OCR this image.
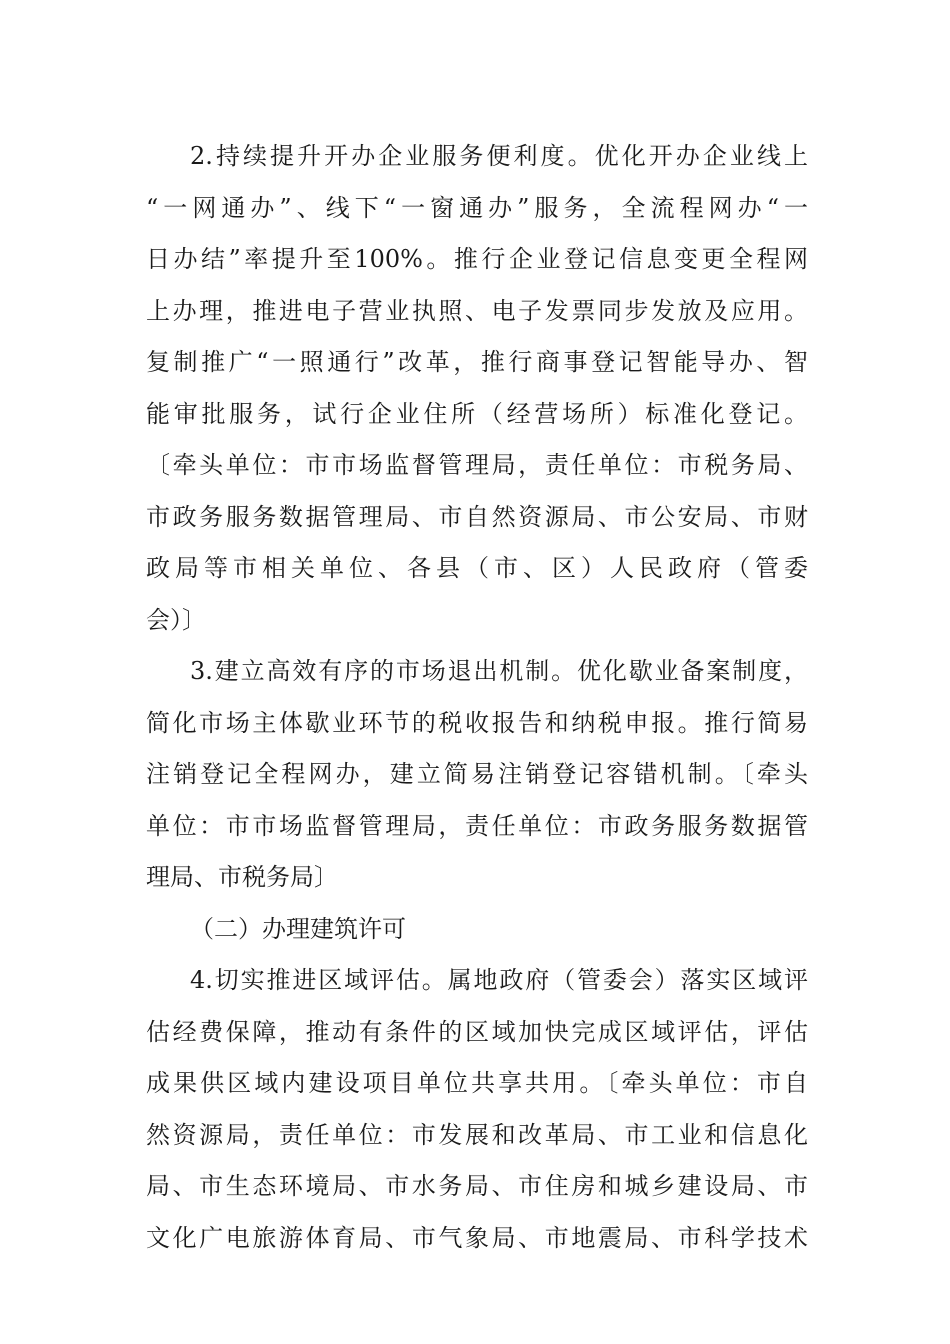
2.持续提升开办企业服务便利度。优化开办企业线上
“一网通办”、线下“一窗通办”服务，全流程网办“一
日办结”率提升至100%。推行企业登记信息变更全程网
上办理，推进电子营业执照、电子发票同步发放及应用。
复制推广“一照通行”改革，推行商事登记智能导办、智
能审批服务，试行企业住所（经营场所）标准化登记。
〔牵头单位：市市场监督管理局，责任单位：市税务局、
市政务服务数据管理局、市自然资源局、市公安局、市财
政局等市相关单位、各县（市、区）人民政府（管委
会）〕
3.建立高效有序的市场退出机制。优化歇业备案制度，
简化市场主体歇业环节的税收报告和纳税申报。推行简易
注销登记全程网办，建立简易注销登记容错机制。〔牵头
单位：市市场监督管理局，责任单位：市政务服务数据管
理局、市税务局〕
（二）办理建筑许可
4.切实推进区域评估。属地政府（管委会）落实区域评
估经费保障，推动有条件的区域加快完成区域评估，评估
成果供区域内建设项目单位共享共用。〔牵头单位：市自
然资源局，责任单位：市发展和改革局、市工业和信息化
局、市生态环境局、市水务局、市住房和城乡建设局、市
文化广电旅游体育局、市气象局、市地震局、市科学技术
